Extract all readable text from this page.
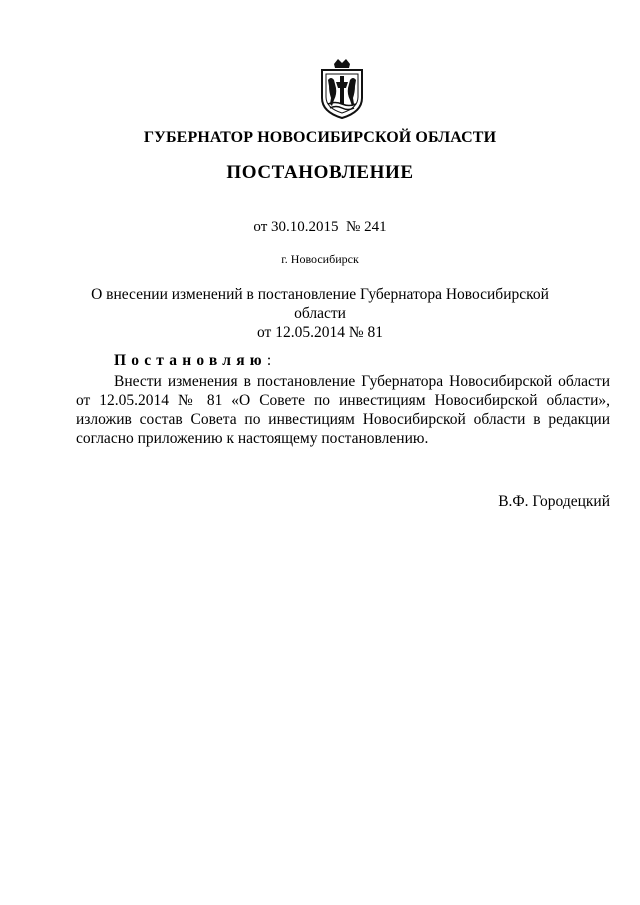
ГУБЕРНАТОР НОВОСИБИРСКОЙ ОБЛАСТИ
ПОСТАНОВЛЕНИЕ
от 30.10.2015 № 241
г. Новосибирск
О внесении изменений в постановление Губернатора Новосибирской области
от 12.05.2014 № 81
Постановляю:
Внести изменения в постановление Губернатора Новосибирской области от 12.05.2014 № 81 «О Совете по инвестициям Новосибирской области», изложив состав Совета по инвестициям Новосибирской области в редакции согласно приложению к настоящему постановлению.
В.Ф. Городецкий
